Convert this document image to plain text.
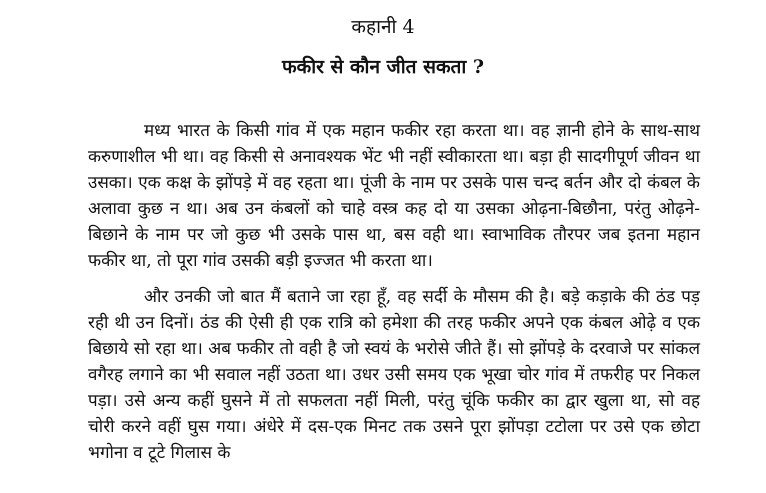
कहानी 4
फकीर से कौन जीत सकता ?

मध्य भारत के किसी गांव में एक महान फकीर रहा करता था। वह ज्ञानी होने के साथ-साथ करुणाशील भी था। वह किसी से अनावश्यक भेंट भी नहीं स्वीकारता था। बड़ा ही सादगीपूर्ण जीवन था उसका। एक कक्ष के झोंपड़े में वह रहता था। पूंजी के नाम पर उसके पास चन्द बर्तन और दो कंबल के अलावा कुछ न था। अब उन कंबलों को चाहे वस्त्र कह दो या उसका ओढ़ना-बिछौना, परंतु ओढ़ने-बिछाने के नाम पर जो कुछ भी उसके पास था, बस वही था। स्वाभाविक तौरपर जब इतना महान फकीर था, तो पूरा गांव उसकी बड़ी इज्जत भी करता था।

और उनकी जो बात मैं बताने जा रहा हूँ, वह सर्दी के मौसम की है। बड़े कड़ाके की ठंड पड़ रही थी उन दिनों। ठंड की ऐसी ही एक रात्रि को हमेशा की तरह फकीर अपने एक कंबल ओढ़े व एक बिछाये सो रहा था। अब फकीर तो वही है जो स्वयं के भरोसे जीते हैं। सो झोंपड़े के दरवाजे पर सांकल वगैरह लगाने का भी सवाल नहीं उठता था। उधर उसी समय एक भूखा चोर गांव में तफरीह पर निकल पड़ा। उसे अन्य कहीं घुसने में तो सफलता नहीं मिली, परंतु चूंकि फकीर का द्वार खुला था, सो वह चोरी करने वहीं घुस गया। अंधेरे में दस-एक मिनट तक उसने पूरा झोंपड़ा टटोला पर उसे एक छोटा भगोना व टूटे गिलास के
